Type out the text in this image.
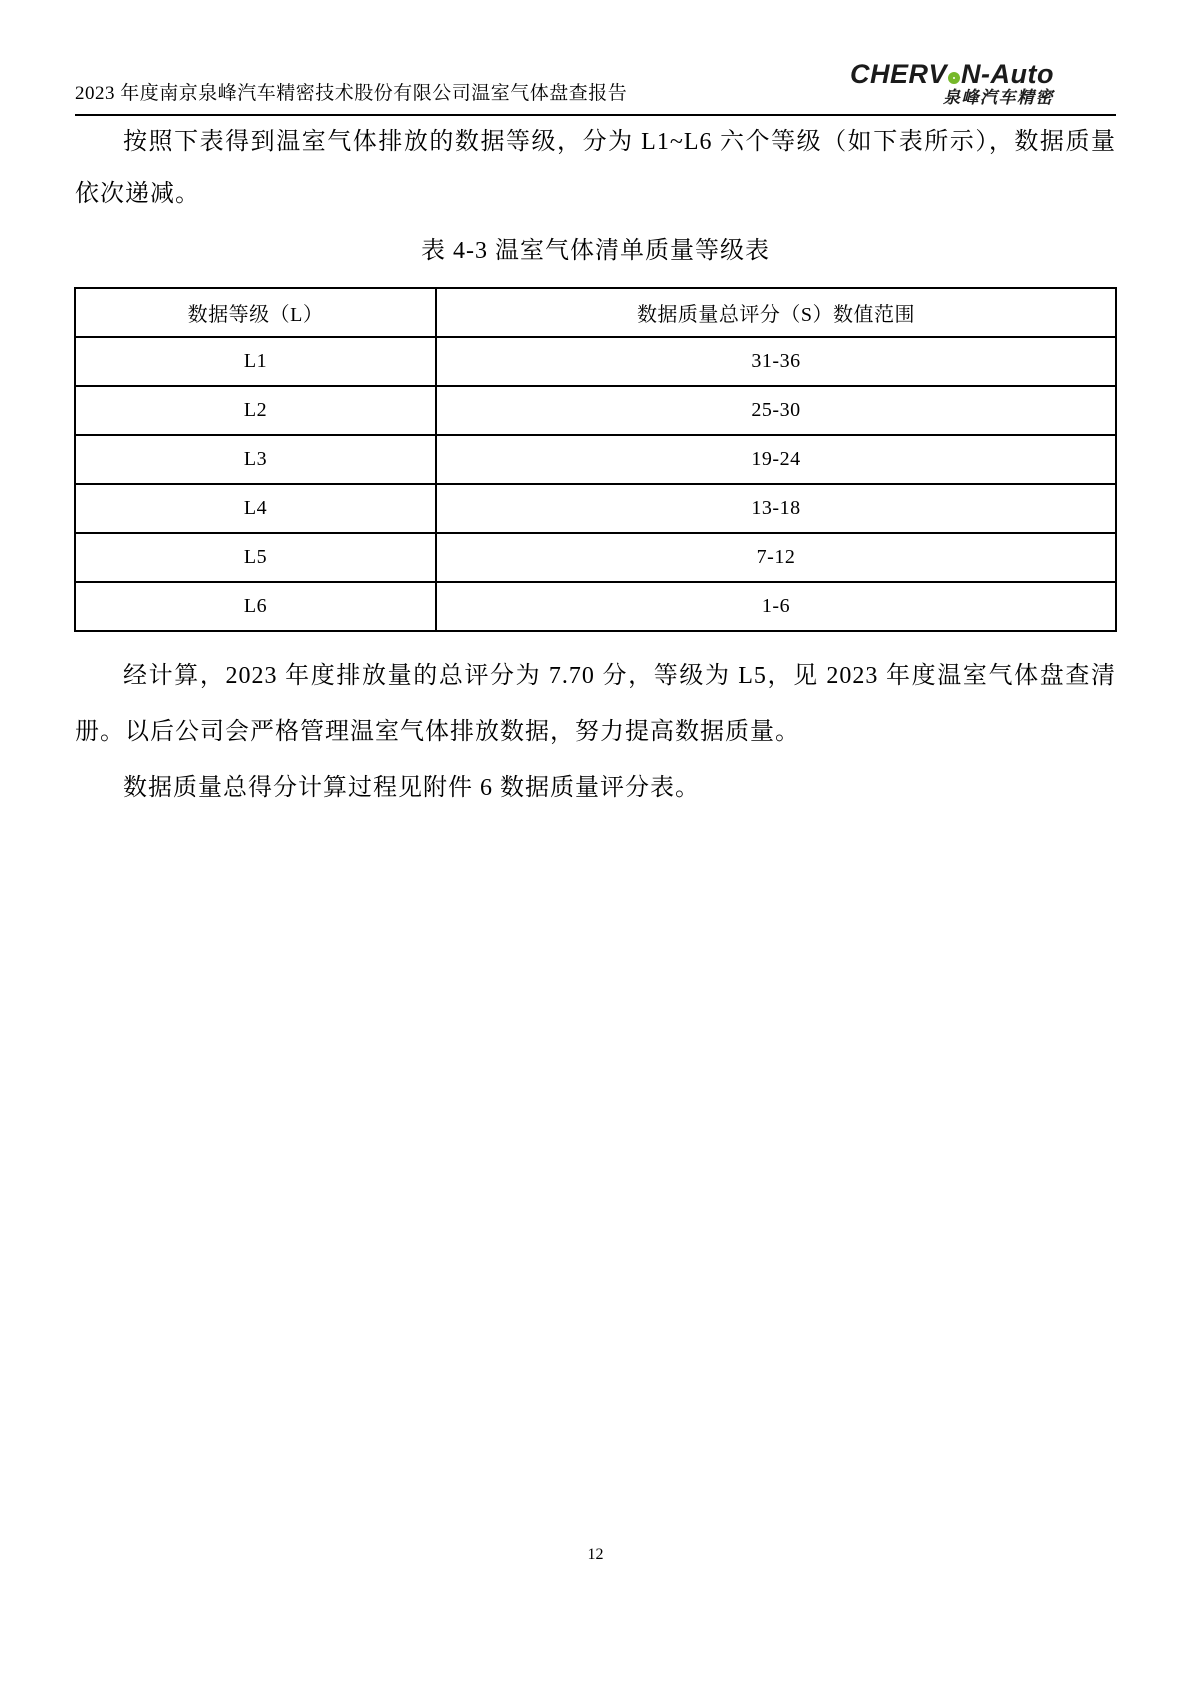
2023 年度南京泉峰汽车精密技术股份有限公司温室气体盘查报告
CHERV N-Auto
泉峰汽车精密
按照下表得到温室气体排放的数据等级，分为 L1~L6 六个等级（如下表所示），数据质量依次递减。
表 4-3 温室气体清单质量等级表
数据等级（L）	数据质量总评分（S）数值范围
L1	31-36
L2	25-30
L3	19-24
L4	13-18
L5	7-12
L6	1-6
经计算，2023 年度排放量的总评分为 7.70 分，等级为 L5，见 2023 年度温室气体盘查清册。以后公司会严格管理温室气体排放数据，努力提高数据质量。
数据质量总得分计算过程见附件 6 数据质量评分表。
12
